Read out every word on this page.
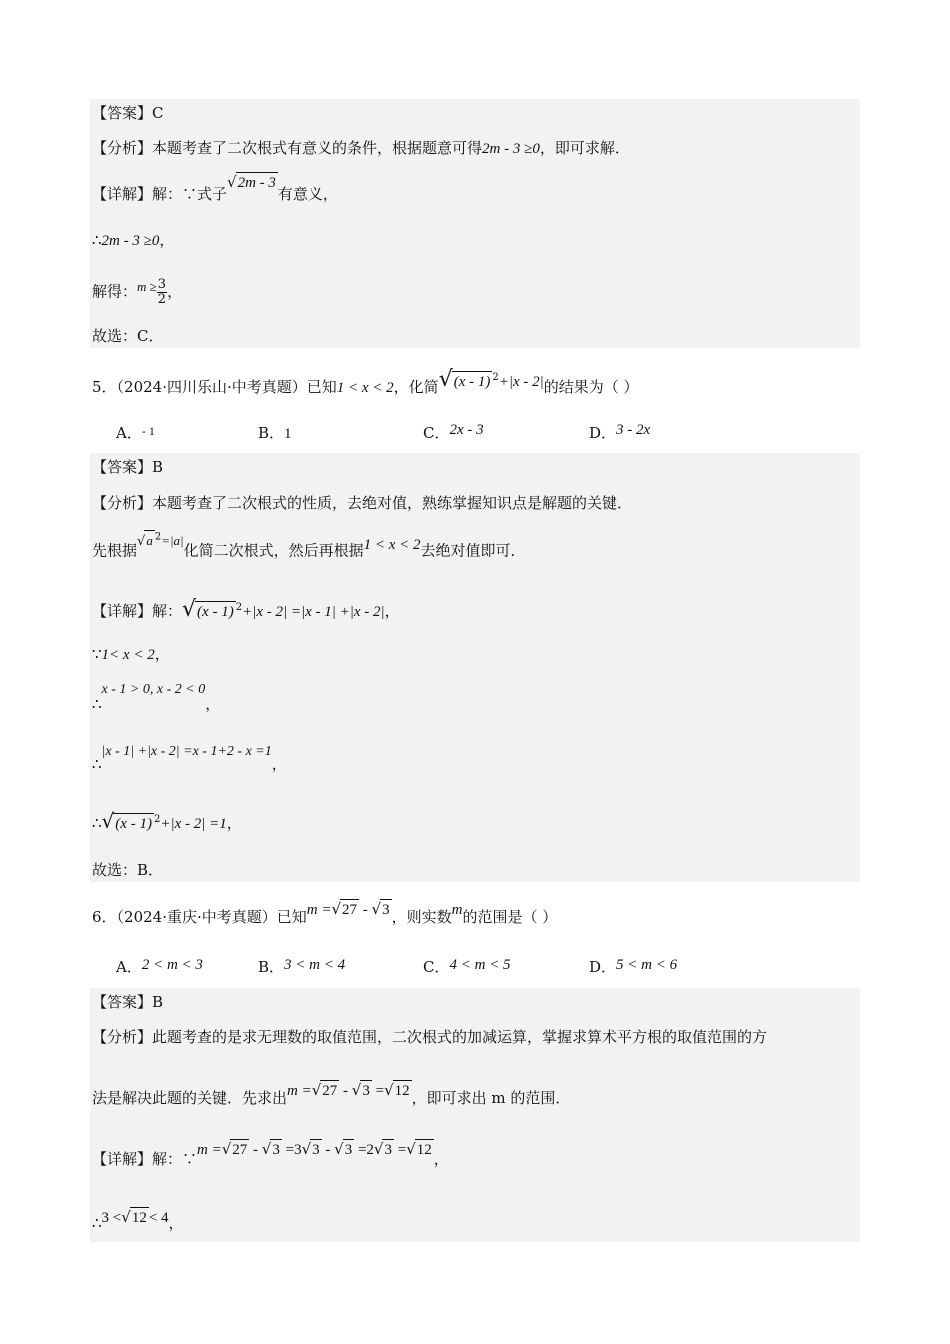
【答案】C
【分析】本题考查了二次根式有意义的条件，根据题意可得2m - 3 ≥0，即可求解．
【详解】解：∵式子√2m - 3有意义，
∴2m - 3 ≥0，
解得：$m \ge \frac{3}{2}$ ，
故选：C．
5．（2024·四川乐山·中考真题）已知1 < x < 2，化简√(x - 1) $^2$+|x - 2|的结果为（ ）
A．$^{- 1}$	B．1	C．2x - 3	D．3 - 2x
【答案】B
【分析】本题考查了二次根式的性质，去绝对值，熟练掌握知识点是解题的关键．
先根据√a $^2$=|a|化简二次根式，然后再根据1 < x < 2去绝对值即可．
【详解】解：√(x - 1) $^2$+|x - 2| =|x - 1| +|x - 2|，
∵1< x < 2，
∴x - 1 > 0, x - 2 < 0，
∴|x - 1| +|x - 2| =x - 1+2 - x =1，
∴√(x - 1) $^2$+|x - 2| =1，
故选：B．
6．（2024·重庆·中考真题）已知m =√27 - √3 ，则实数m的范围是（ ）
A．2 < m < 3	B．3 < m < 4	C．4 < m < 5	D．5 < m < 6
【答案】B
【分析】此题考查的是求无理数的取值范围，二次根式的加减运算，掌握求算术平方根的取值范围的方
法是解决此题的关键．先求出m =√27 - √3 =√12 ，即可求出 m 的范围．
【详解】解：∵m =√27 - √3 =3√3 - √3 =2√3 =√12 ，
∴3 <√12 < 4，
